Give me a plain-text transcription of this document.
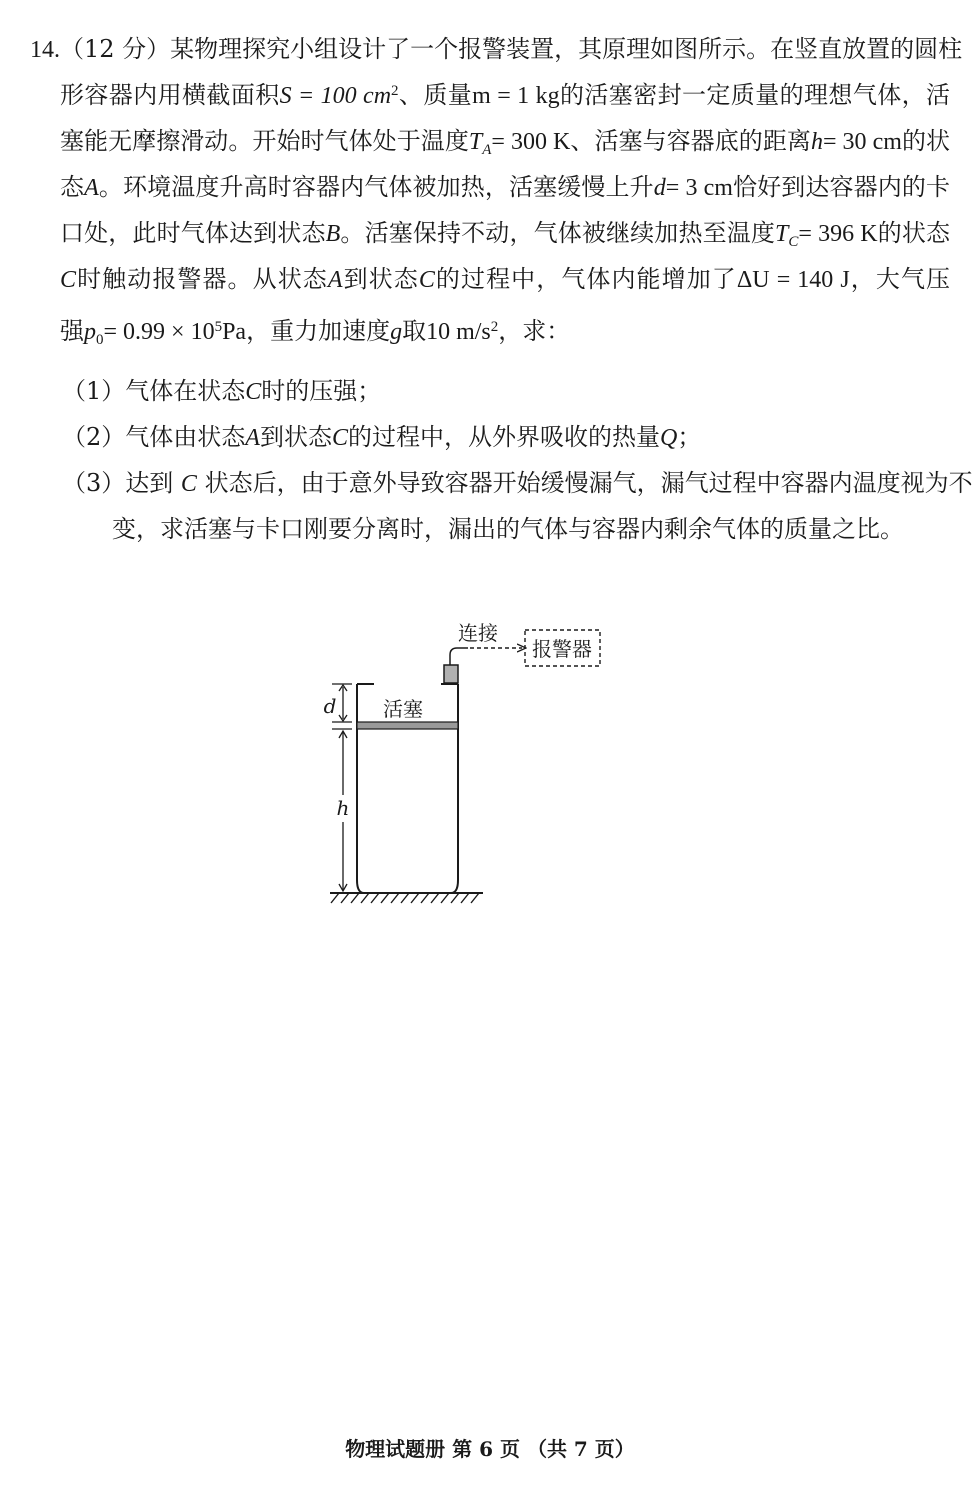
14.（12 分）某物理探究小组设计了一个报警装置，其原理如图所示。在竖直放置的圆柱
形容器内用横截面积S = 100 $cm^2$、质量m = 1 kg的活塞密封一定质量的理想气体，活
塞能无摩擦滑动。开始时气体处于温度$T_A= 300$ K、活塞与容器底的距离h= 30 cm的状
态A。环境温度升高时容器内气体被加热，活塞缓慢上升d= 3 cm恰好到达容器内的卡
口处，此时气体达到状态B。活塞保持不动，气体被继续加热至温度$T_C= 396$ K的状态
C时触动报警器。从状态A到状态C的过程中，气体内能增加了ΔU = 140 J，大气压
强$p_0= 0.99 \times 10^5Pa$，重力加速度g取10 $m/s^2$，求：
（1）气体在状态C时的压强；
（2）气体由状态A到状态C的过程中，从外界吸收的热量Q；
（3）达到 C 状态后，由于意外导致容器开始缓慢漏气，漏气过程中容器内温度视为不
变，求活塞与卡口刚要分离时，漏出的气体与容器内剩余气体的质量之比。
报警器
连接
活塞
d
h
物理试题册 第 6 页 （共 7 页）
